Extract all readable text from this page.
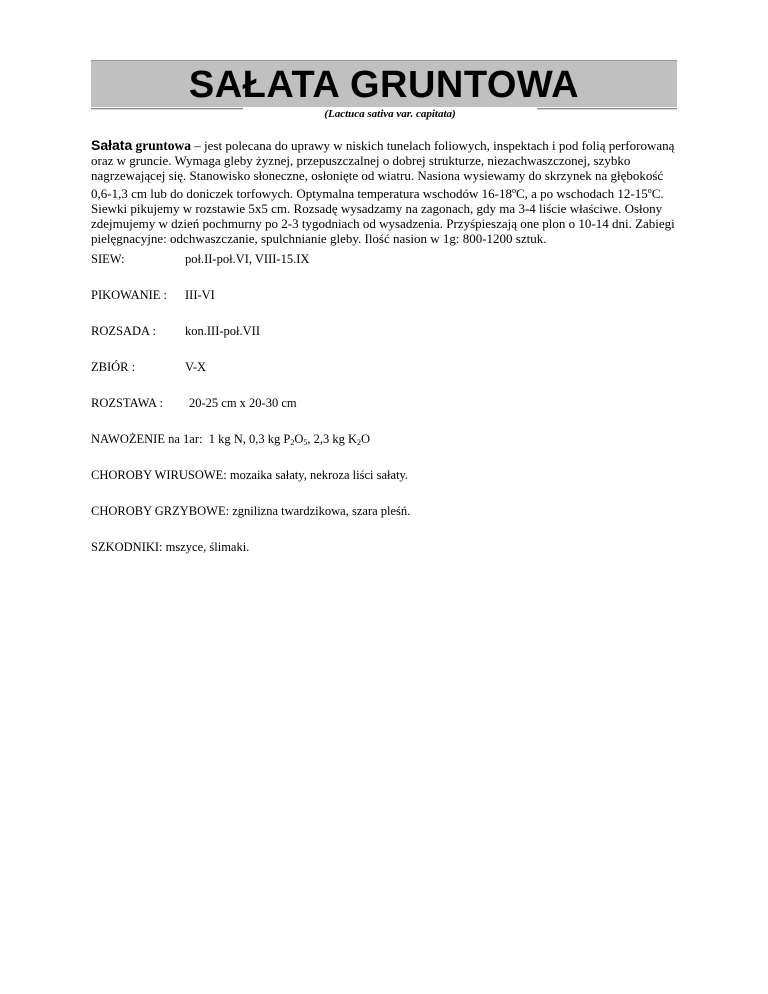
SAŁATA GRUNTOWA
(Lactuca sativa var. capitata)
Sałata gruntowa – jest polecana do uprawy w niskich tunelach foliowych, inspektach i pod folią perforowaną
oraz w gruncie. Wymaga gleby żyznej, przepuszczalnej o dobrej strukturze, niezachwaszczonej, szybko
nagrzewającej się. Stanowisko słoneczne, osłonięte od wiatru. Nasiona wysiewamy do skrzynek na głębokość
0,6-1,3 cm lub do doniczek torfowych. Optymalna temperatura wschodów 16-18$^o$C, a po wschodach 12-15$^o$C.
Siewki pikujemy w rozstawie 5x5 cm. Rozsadę wysadzamy na zagonach, gdy ma 3-4 liście właściwe. Osłony
zdejmujemy w dzień pochmurny po 2-3 tygodniach od wysadzenia. Przyśpieszają one plon o 10-14 dni. Zabiegi
pielęgnacyjne: odchwaszczanie, spulchnianie gleby. Ilość nasion w 1g: 800-1200 sztuk.
SIEW:	poł.II-poł.VI, VIII-15.IX
PIKOWANIE : III-VI
ROZSADA : kon.III-poł.VII
ZBIÓR :	V-X
ROZSTAWA : 20-25 cm x 20-30 cm
NAWOŻENIE na 1ar: 1 kg N, 0,3 kg $P_2O_5$, 2,3 kg $K_2O$
CHOROBY WIRUSOWE: mozaika sałaty, nekroza liści sałaty.
CHOROBY GRZYBOWE: zgnilizna twardzikowa, szara pleśń.
SZKODNIKI: mszyce, ślimaki.
